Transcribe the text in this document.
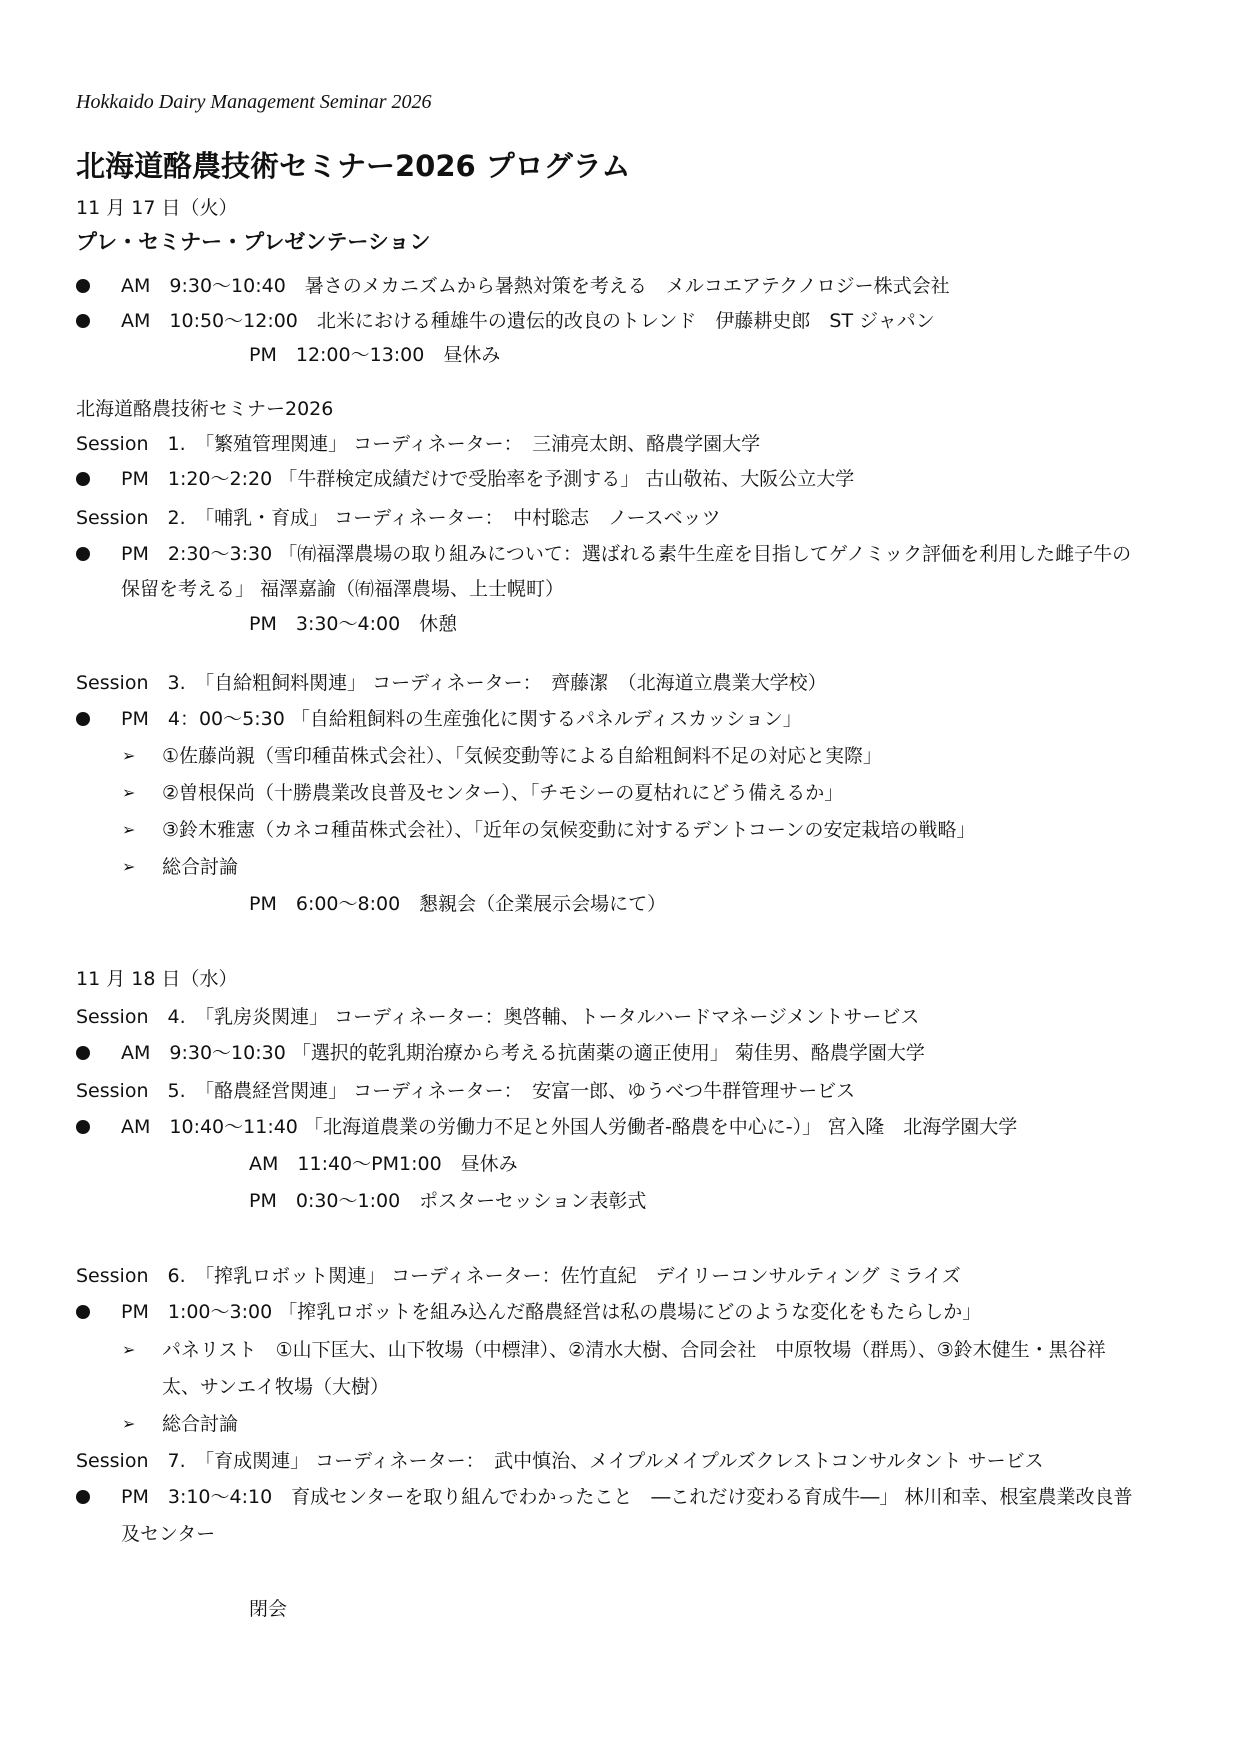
Hokkaido Dairy Management Seminar 2026
北海道酪農技術セミナー2026 プログラム
11 月 17 日（火）
プレ・セミナー・プレゼンテーション
AM　9:30～10:40　暑さのメカニズムから暑熱対策を考える　メルコエアテクノロジー株式会社
AM　10:50～12:00　北米における種雄牛の遺伝的改良のトレンド　伊藤耕史郎　ST ジャパン
PM　12:00～13:00　昼休み
北海道酪農技術セミナー2026
Session　1.　「繁殖管理関連」 コーディネーター：　三浦亮太朗、酪農学園大学
PM　1:20～2:20 「牛群検定成績だけで受胎率を予測する」 古山敬祐、大阪公立大学
Session　2.　「哺乳・育成」 コーディネーター：　中村聡志　ノースベッツ
PM　2:30～3:30 「㈲福澤農場の取り組みについて：選ばれる素牛生産を目指してゲノミック評価を利用した雌子牛の
保留を考える」 福澤嘉諭（㈲福澤農場、上士幌町）
PM　3:30～4:00　休憩
Session　3.　「自給粗飼料関連」 コーディネーター：　齊藤潔　（北海道立農業大学校）
PM　4：00～5:30 「自給粗飼料の生産強化に関するパネルディスカッション」
➢ ①佐藤尚親（雪印種苗株式会社）、「気候変動等による自給粗飼料不足の対応と実際」
➢ ②曽根保尚（十勝農業改良普及センター）、「チモシーの夏枯れにどう備えるか」
➢ ③鈴木雅憲（カネコ種苗株式会社）、「近年の気候変動に対するデントコーンの安定栽培の戦略」
➢ 総合討論
PM　6:00～8:00　懇親会（企業展示会場にて）
11 月 18 日（水）
Session　4.　「乳房炎関連」 コーディネーター：奥啓輔、トータルハードマネージメントサービス
AM　9:30～10:30 「選択的乾乳期治療から考える抗菌薬の適正使用」 菊佳男、酪農学園大学
Session　5.　「酪農経営関連」 コーディネーター：　安富一郎、ゆうべつ牛群管理サービス
AM　10:40～11:40 「北海道農業の労働力不足と外国人労働者-酪農を中心に-）」 宮入隆　北海学園大学
AM　11:40～PM1:00　昼休み
PM　0:30～1:00　ポスターセッション表彰式
Session　6.　「搾乳ロボット関連」 コーディネーター：佐竹直紀　デイリーコンサルティング ミライズ
PM　1:00～3:00 「搾乳ロボットを組み込んだ酪農経営は私の農場にどのような変化をもたらしか」
➢ パネリスト　①山下匡大、山下牧場（中標津）、②清水大樹、合同会社　中原牧場（群馬）、③鈴木健生・黒谷祥
太、サンエイ牧場（大樹）
➢ 総合討論
Session　7.　「育成関連」 コーディネーター：　武中慎治、メイプルメイプルズクレストコンサルタント サービス
PM　3:10～4:10　育成センターを取り組んでわかったこと　―これだけ変わる育成牛―」 林川和幸、根室農業改良普
及センター
閉会
